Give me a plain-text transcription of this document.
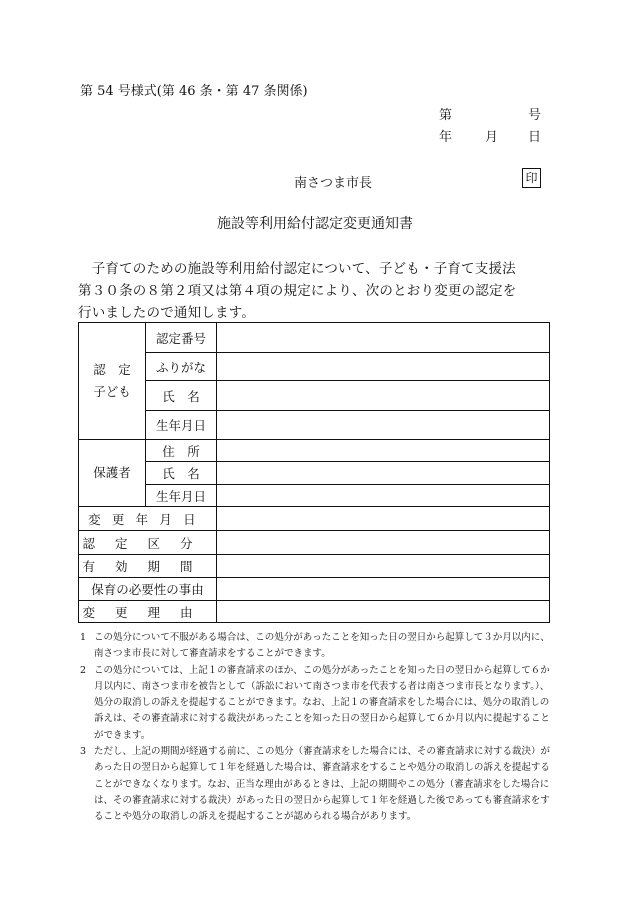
第 54 号様式(第 46 条・第 47 条関係)
第	号
年	月 日
南さつま市長	印
施設等利用給付認定変更通知書

　子育てのための施設等利用給付認定について、子ども・子育て支援法

第３０条の８第２項又は第４項の規定により、次のとおり変更の認定を

行いましたので通知します。

認　定
子ども	認定番号	
	ふりがな	
	氏　名	
	生年月日	
保護者	住　所	
	氏　名	
	生年月日	
変更年月日		
認定区分		
有効期間		
保育の必要性の事由		
変更理由		
1 この処分について不服がある場合は、この処分があったことを知った日の翌日から起算して３か月以内に、南さつま市長に対して審査請求をすることができます。
2 この処分については、上記１の審査請求のほか、この処分があったことを知った日の翌日から起算して６か月以内に、南さつま市を被告として（訴訟において南さつま市を代表する者は南さつま市長となります。）、処分の取消しの訴えを提起することができます。なお、上記１の審査請求をした場合には、処分の取消しの訴えは、その審査請求に対する裁決があったことを知った日の翌日から起算して６か月以内に提起することができます。
3 ただし、上記の期間が経過する前に、この処分（審査請求をした場合には、その審査請求に対する裁決）があった日の翌日から起算して１年を経過した場合は、審査請求をすることや処分の取消しの訴えを提起することができなくなります。なお、正当な理由があるときは、上記の期間やこの処分（審査請求をした場合には、その審査請求に対する裁決）があった日の翌日から起算して１年を経過した後であっても審査請求をすることや処分の取消しの訴えを提起することが認められる場合があります。
